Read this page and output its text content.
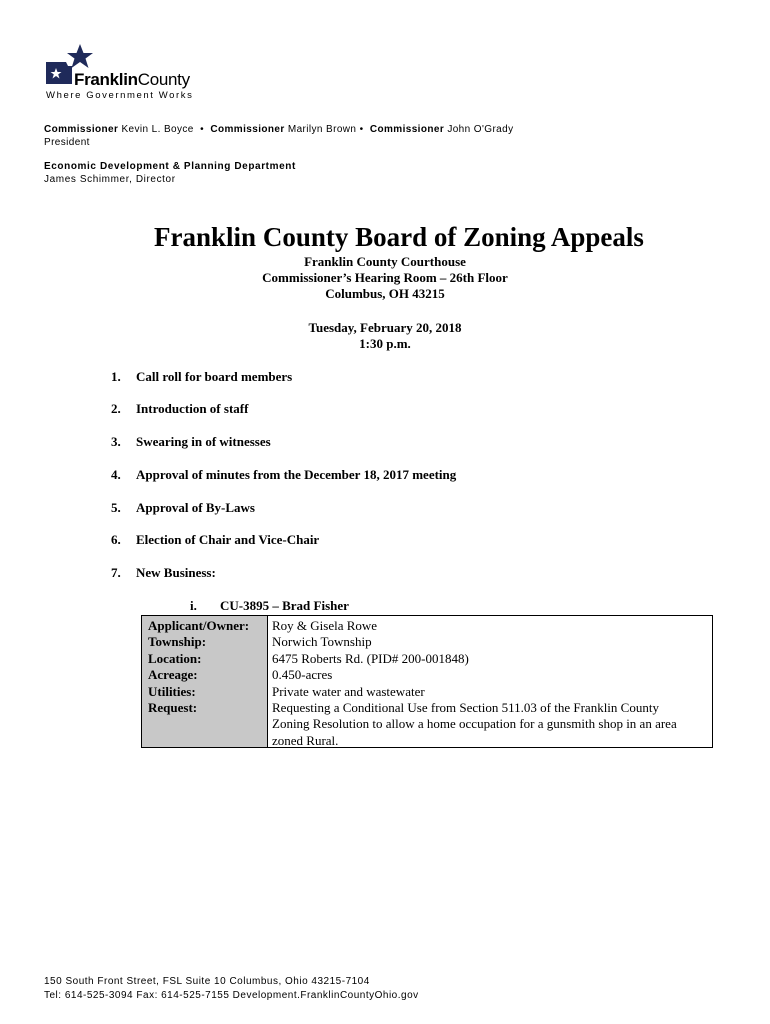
FranklinCounty
Where Government Works
Commissioner Kevin L. Boyce • Commissioner Marilyn Brown • Commissioner John O'Grady
President
Economic Development & Planning Department
James Schimmer, Director
Franklin County Board of Zoning Appeals
Franklin County Courthouse
Commissioner’s Hearing Room – 26th Floor
Columbus, OH 43215
Tuesday, February 20, 2018
1:30 p.m.
1. Call roll for board members
2. Introduction of staff
3. Swearing in of witnesses
4. Approval of minutes from the December 18, 2017 meeting
5. Approval of By-Laws
6. Election of Chair and Vice-Chair
7. New Business:
i. CU-3895 – Brad Fisher
Applicant/Owner:
Township:
Location:
Acreage:
Utilities:
Request:
Roy & Gisela Rowe
Norwich Township
6475 Roberts Rd. (PID# 200-001848)
0.450-acres
Private water and wastewater
Requesting a Conditional Use from Section 511.03 of the Franklin County
Zoning Resolution to allow a home occupation for a gunsmith shop in an area
zoned Rural.
150 South Front Street, FSL Suite 10 Columbus, Ohio 43215-7104
Tel: 614-525-3094 Fax: 614-525-7155 Development.FranklinCountyOhio.gov
